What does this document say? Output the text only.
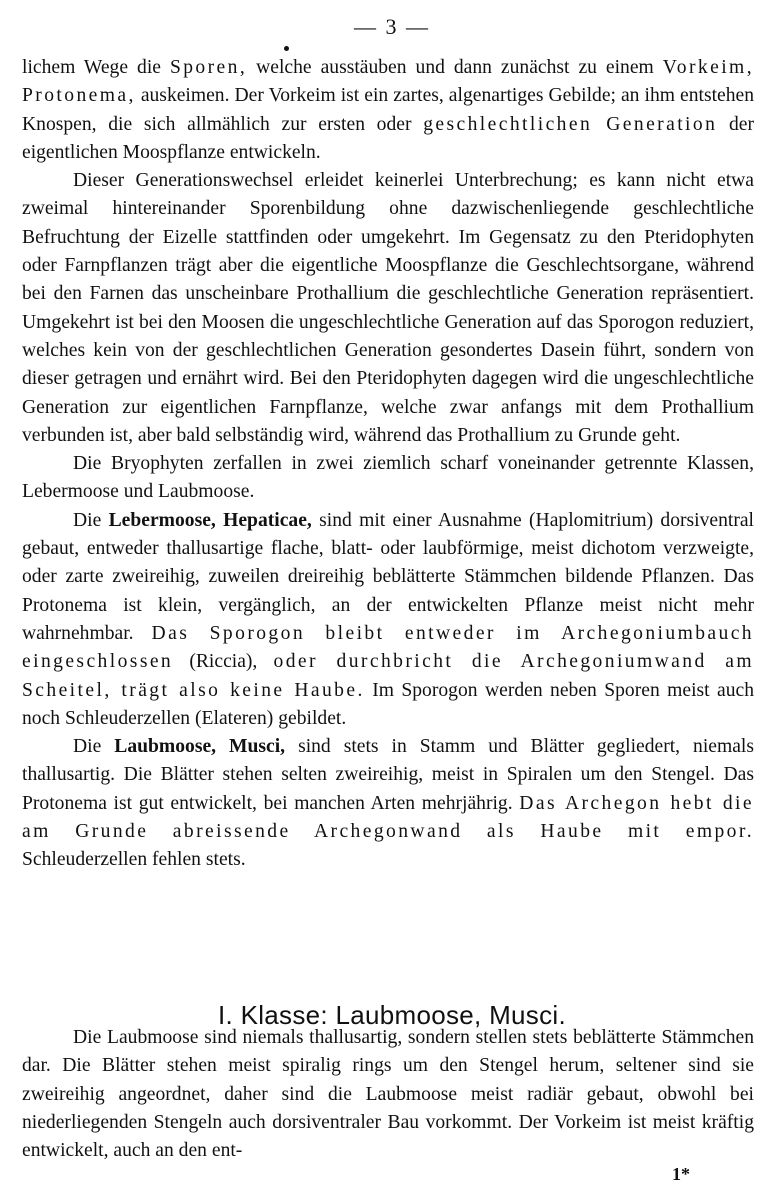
— 3 —

lichem Wege die Sporen, welche ausstäuben und dann zunächst zu einem Vorkeim, Protonema, auskeimen. Der Vorkeim ist ein zartes, algenartiges Gebilde; an ihm entstehen Knospen, die sich allmählich zur ersten oder geschlechtlichen Generation der eigentlichen Moospflanze entwickeln.

Dieser Generationswechsel erleidet keinerlei Unterbrechung; es kann nicht etwa zweimal hintereinander Sporenbildung ohne dazwischenliegende geschlechtliche Befruchtung der Eizelle stattfinden oder umgekehrt. Im Gegensatz zu den Pteridophyten oder Farnpflanzen trägt aber die eigentliche Moospflanze die Geschlechtsorgane, während bei den Farnen das unscheinbare Prothallium die geschlechtliche Generation repräsentiert. Umgekehrt ist bei den Moosen die ungeschlechtliche Generation auf das Sporogon reduziert, welches kein von der geschlechtlichen Generation gesondertes Dasein führt, sondern von dieser getragen und ernährt wird. Bei den Pteridophyten dagegen wird die ungeschlechtliche Generation zur eigentlichen Farnpflanze, welche zwar anfangs mit dem Prothallium verbunden ist, aber bald selbständig wird, während das Prothallium zu Grunde geht.

Die Bryophyten zerfallen in zwei ziemlich scharf voneinander getrennte Klassen, Lebermoose und Laubmoose.

Die Lebermoose, Hepaticae, sind mit einer Ausnahme (Haplomitrium) dorsiventral gebaut, entweder thallusartige flache, blatt- oder laubförmige, meist dichotom verzweigte, oder zarte zweireihig, zuweilen dreireihig beblätterte Stämmchen bildende Pflanzen. Das Protonema ist klein, vergänglich, an der entwickelten Pflanze meist nicht mehr wahrnehmbar. Das Sporogon bleibt entweder im Archegoniumbauch eingeschlossen (Riccia), oder durchbricht die Archegoniumwand am Scheitel, trägt also keine Haube. Im Sporogon werden neben Sporen meist auch noch Schleuderzellen (Elateren) gebildet.

Die Laubmoose, Musci, sind stets in Stamm und Blätter gegliedert, niemals thallusartig. Die Blätter stehen selten zweireihig, meist in Spiralen um den Stengel. Das Protonema ist gut entwickelt, bei manchen Arten mehrjährig. Das Archegon hebt die am Grunde abreissende Archegonwand als Haube mit empor. Schleuderzellen fehlen stets.

I. Klasse: Laubmoose, Musci.

Die Laubmoose sind niemals thallusartig, sondern stellen stets beblätterte Stämmchen dar. Die Blätter stehen meist spiralig rings um den Stengel herum, seltener sind sie zweireihig angeordnet, daher sind die Laubmoose meist radiär gebaut, obwohl bei niederliegenden Stengeln auch dorsiventraler Bau vorkommt. Der Vorkeim ist meist kräftig entwickelt, auch an den ent-

1*
